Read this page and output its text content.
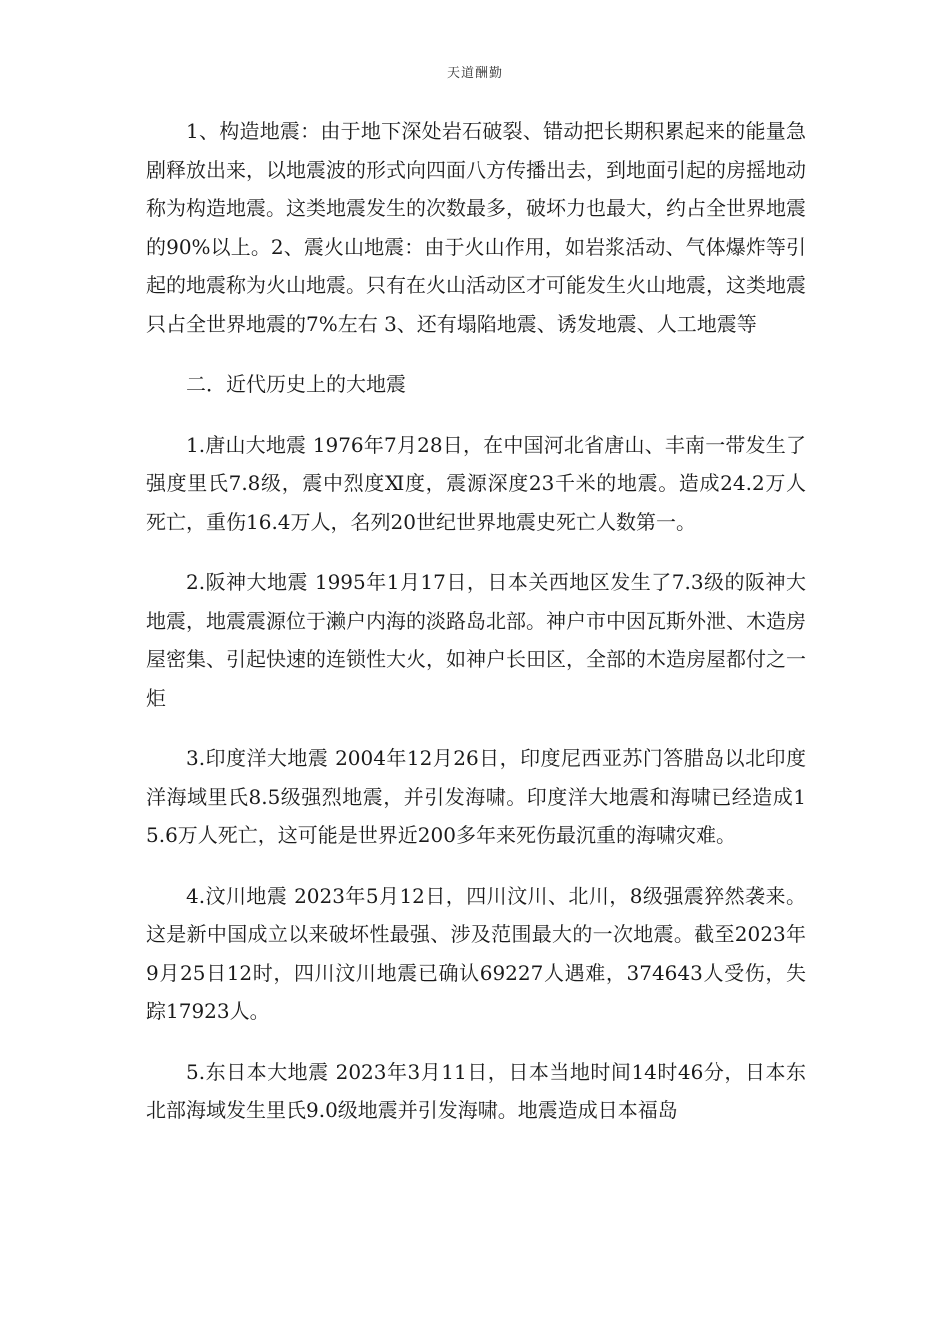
天道酬勤

1、构造地震：由于地下深处岩石破裂、错动把长期积累起来的能量急剧释放出来，以地震波的形式向四面八方传播出去，到地面引起的房摇地动称为构造地震。这类地震发生的次数最多，破坏力也最大，约占全世界地震的90%以上。2、震火山地震：由于火山作用，如岩浆活动、气体爆炸等引起的地震称为火山地震。只有在火山活动区才可能发生火山地震，这类地震只占全世界地震的7%左右 3、还有塌陷地震、诱发地震、人工地震等

二．近代历史上的大地震

1.唐山大地震 1976年7月28日，在中国河北省唐山、丰南一带发生了强度里氏7.8级，震中烈度Ⅺ度，震源深度23千米的地震。造成24.2万人死亡，重伤16.4万人，名列20世纪世界地震史死亡人数第一。

2.阪神大地震 1995年1月17日，日本关西地区发生了7.3级的阪神大地震，地震震源位于濑户内海的淡路岛北部。神户市中因瓦斯外泄、木造房屋密集、引起快速的连锁性大火，如神户长田区，全部的木造房屋都付之一炬

3.印度洋大地震 2004年12月26日，印度尼西亚苏门答腊岛以北印度洋海域里氏8.5级强烈地震，并引发海啸。印度洋大地震和海啸已经造成15.6万人死亡，这可能是世界近200多年来死伤最沉重的海啸灾难。

4.汶川地震 2023年5月12日，四川汶川、北川，8级强震猝然袭来。这是新中国成立以来破坏性最强、涉及范围最大的一次地震。截至2023年9月25日12时，四川汶川地震已确认69227人遇难，374643人受伤，失踪17923人。

5.东日本大地震 2023年3月11日，日本当地时间14时46分，日本东北部海域发生里氏9.0级地震并引发海啸。地震造成日本福岛
